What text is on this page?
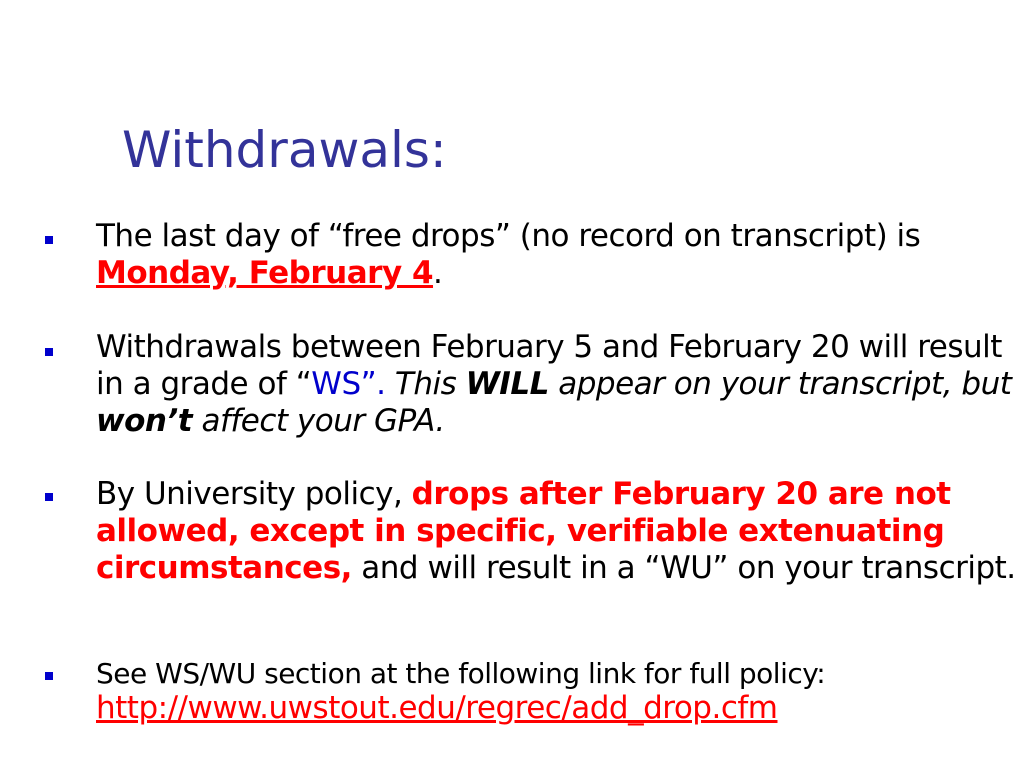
Withdrawals:
The last day of “free drops” (no record on transcript) is Monday, February 4.
Withdrawals between February 5 and February 20 will result in a grade of “WS”. This WILL appear on your transcript, but won’t affect your GPA.
By University policy, drops after February 20 are not allowed, except in specific, verifiable extenuating circumstances, and will result in a “WU” on your transcript.
See WS/WU section at the following link for full policy:
http://www.uwstout.edu/regrec/add_drop.cfm
